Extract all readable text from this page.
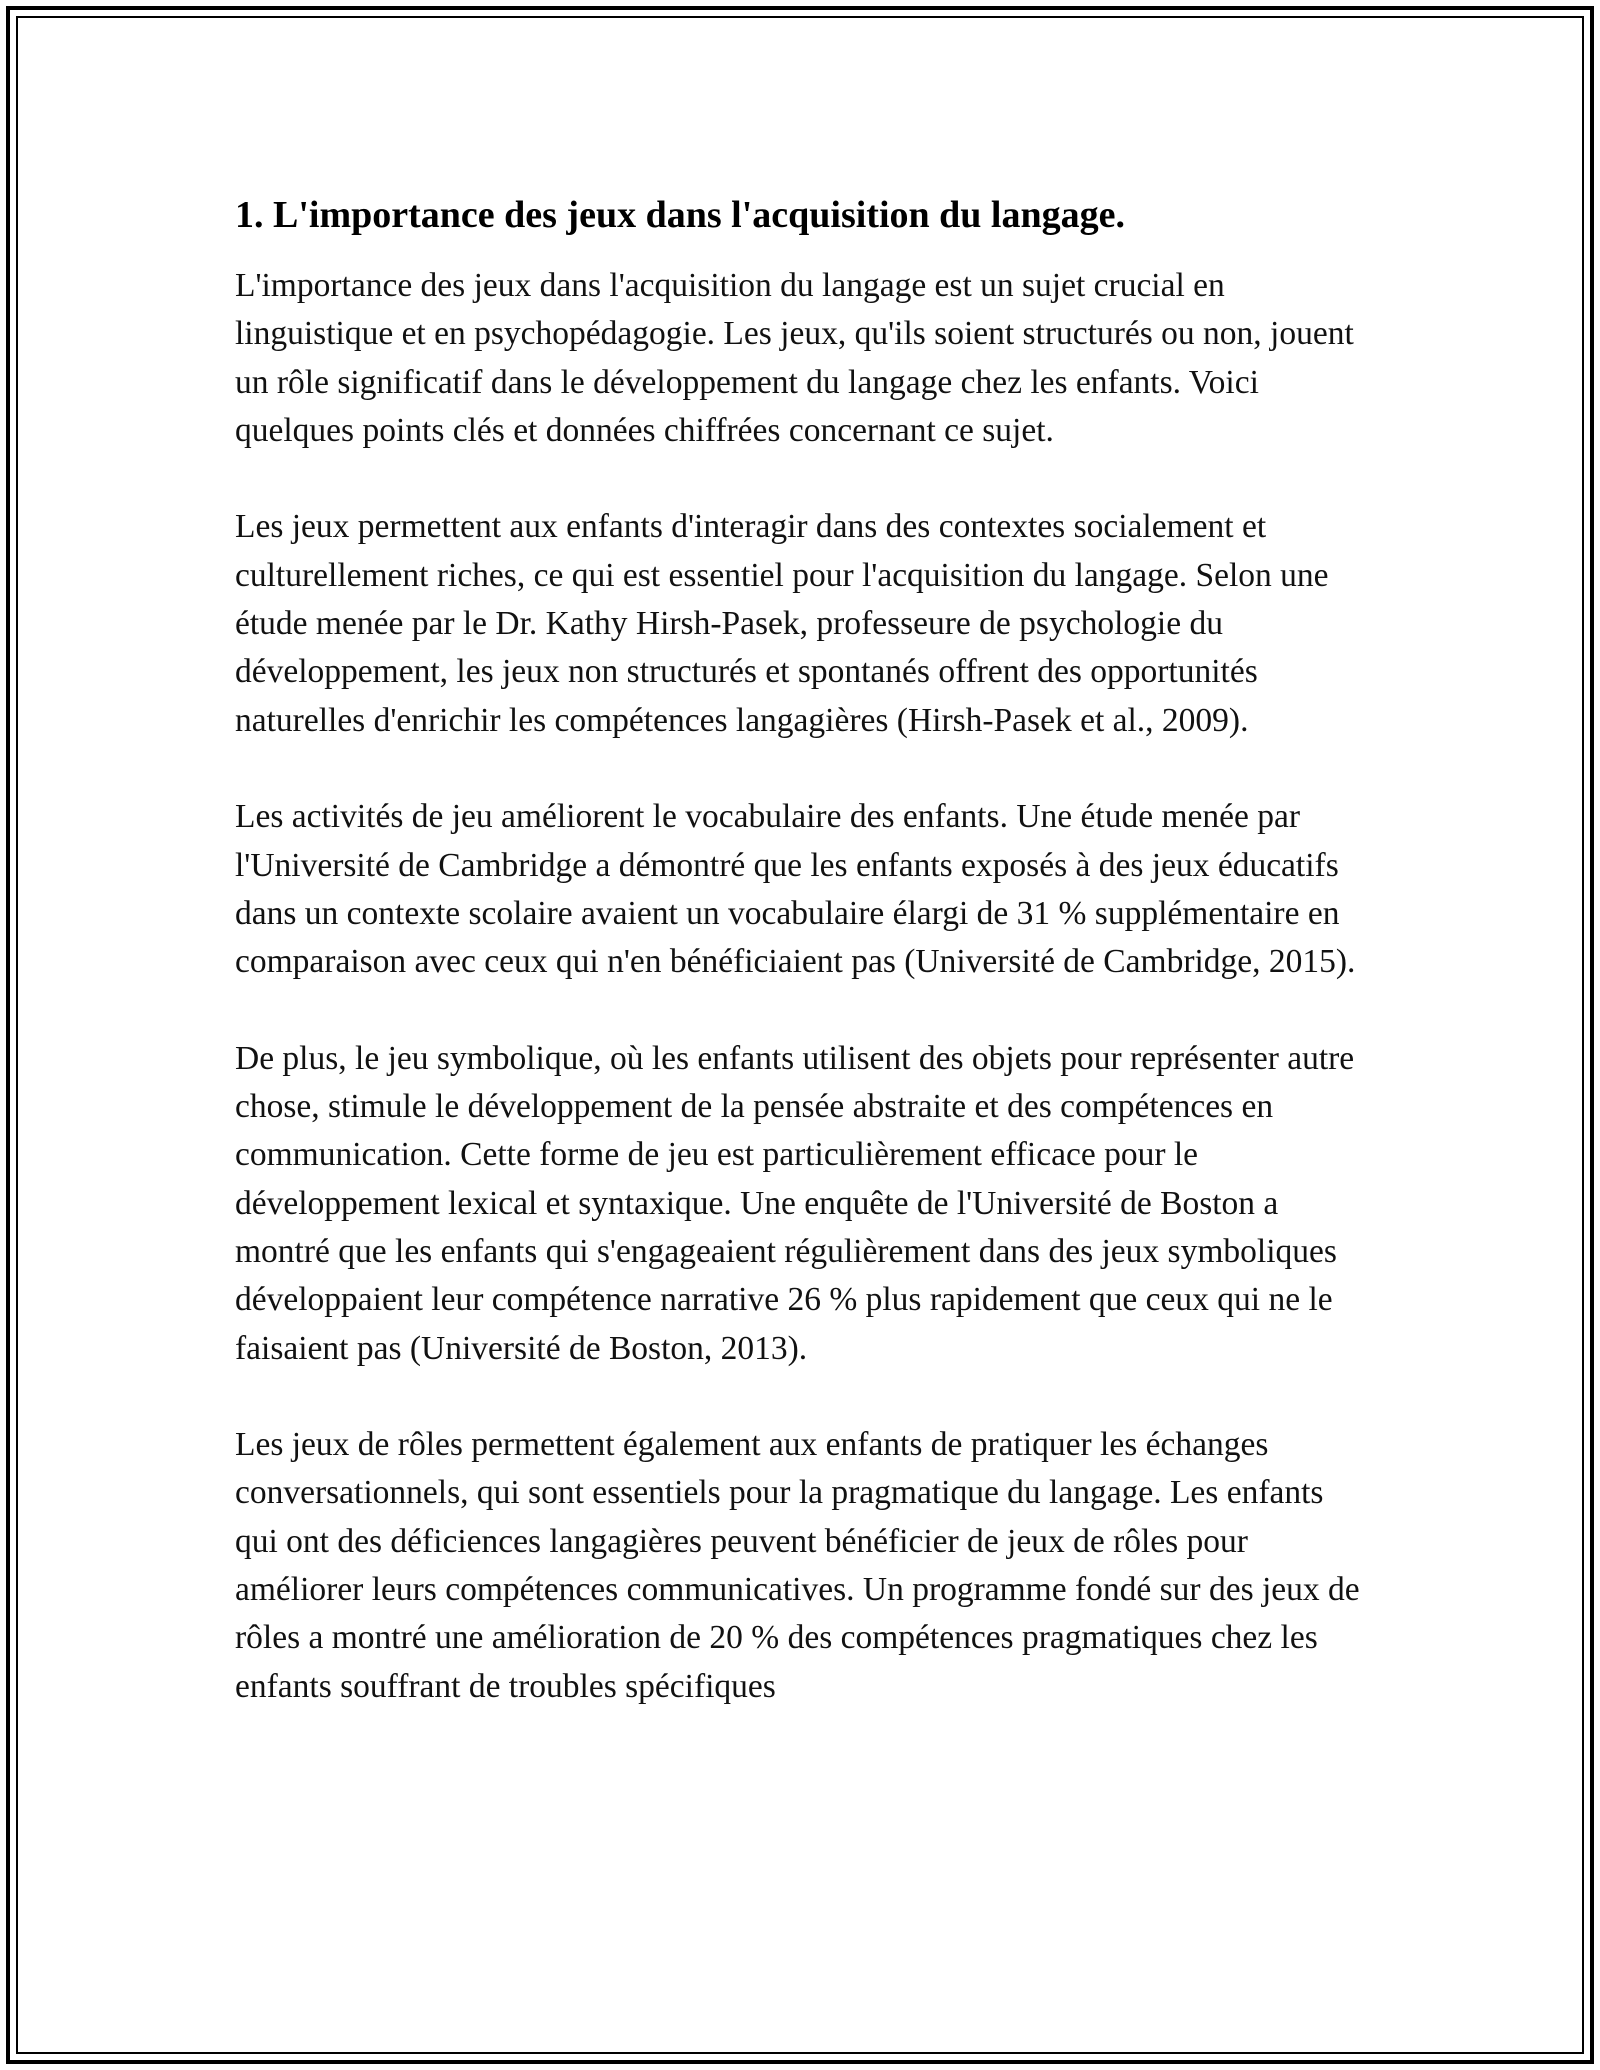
1. L'importance des jeux dans l'acquisition du langage.

L'importance des jeux dans l'acquisition du langage est un sujet crucial en linguistique et en psychopédagogie. Les jeux, qu'ils soient structurés ou non, jouent un rôle significatif dans le développement du langage chez les enfants. Voici quelques points clés et données chiffrées concernant ce sujet.

Les jeux permettent aux enfants d'interagir dans des contextes socialement et culturellement riches, ce qui est essentiel pour l'acquisition du langage. Selon une étude menée par le Dr. Kathy Hirsh-Pasek, professeure de psychologie du développement, les jeux non structurés et spontanés offrent des opportunités naturelles d'enrichir les compétences langagières (Hirsh-Pasek et al., 2009).

Les activités de jeu améliorent le vocabulaire des enfants. Une étude menée par l'Université de Cambridge a démontré que les enfants exposés à des jeux éducatifs dans un contexte scolaire avaient un vocabulaire élargi de 31 % supplémentaire en comparaison avec ceux qui n'en bénéficiaient pas (Université de Cambridge, 2015).

De plus, le jeu symbolique, où les enfants utilisent des objets pour représenter autre chose, stimule le développement de la pensée abstraite et des compétences en communication. Cette forme de jeu est particulièrement efficace pour le développement lexical et syntaxique. Une enquête de l'Université de Boston a montré que les enfants qui s'engageaient régulièrement dans des jeux symboliques développaient leur compétence narrative 26 % plus rapidement que ceux qui ne le faisaient pas (Université de Boston, 2013).

Les jeux de rôles permettent également aux enfants de pratiquer les échanges conversationnels, qui sont essentiels pour la pragmatique du langage. Les enfants qui ont des déficiences langagières peuvent bénéficier de jeux de rôles pour améliorer leurs compétences communicatives. Un programme fondé sur des jeux de rôles a montré une amélioration de 20 % des compétences pragmatiques chez les enfants souffrant de troubles spécifiques
